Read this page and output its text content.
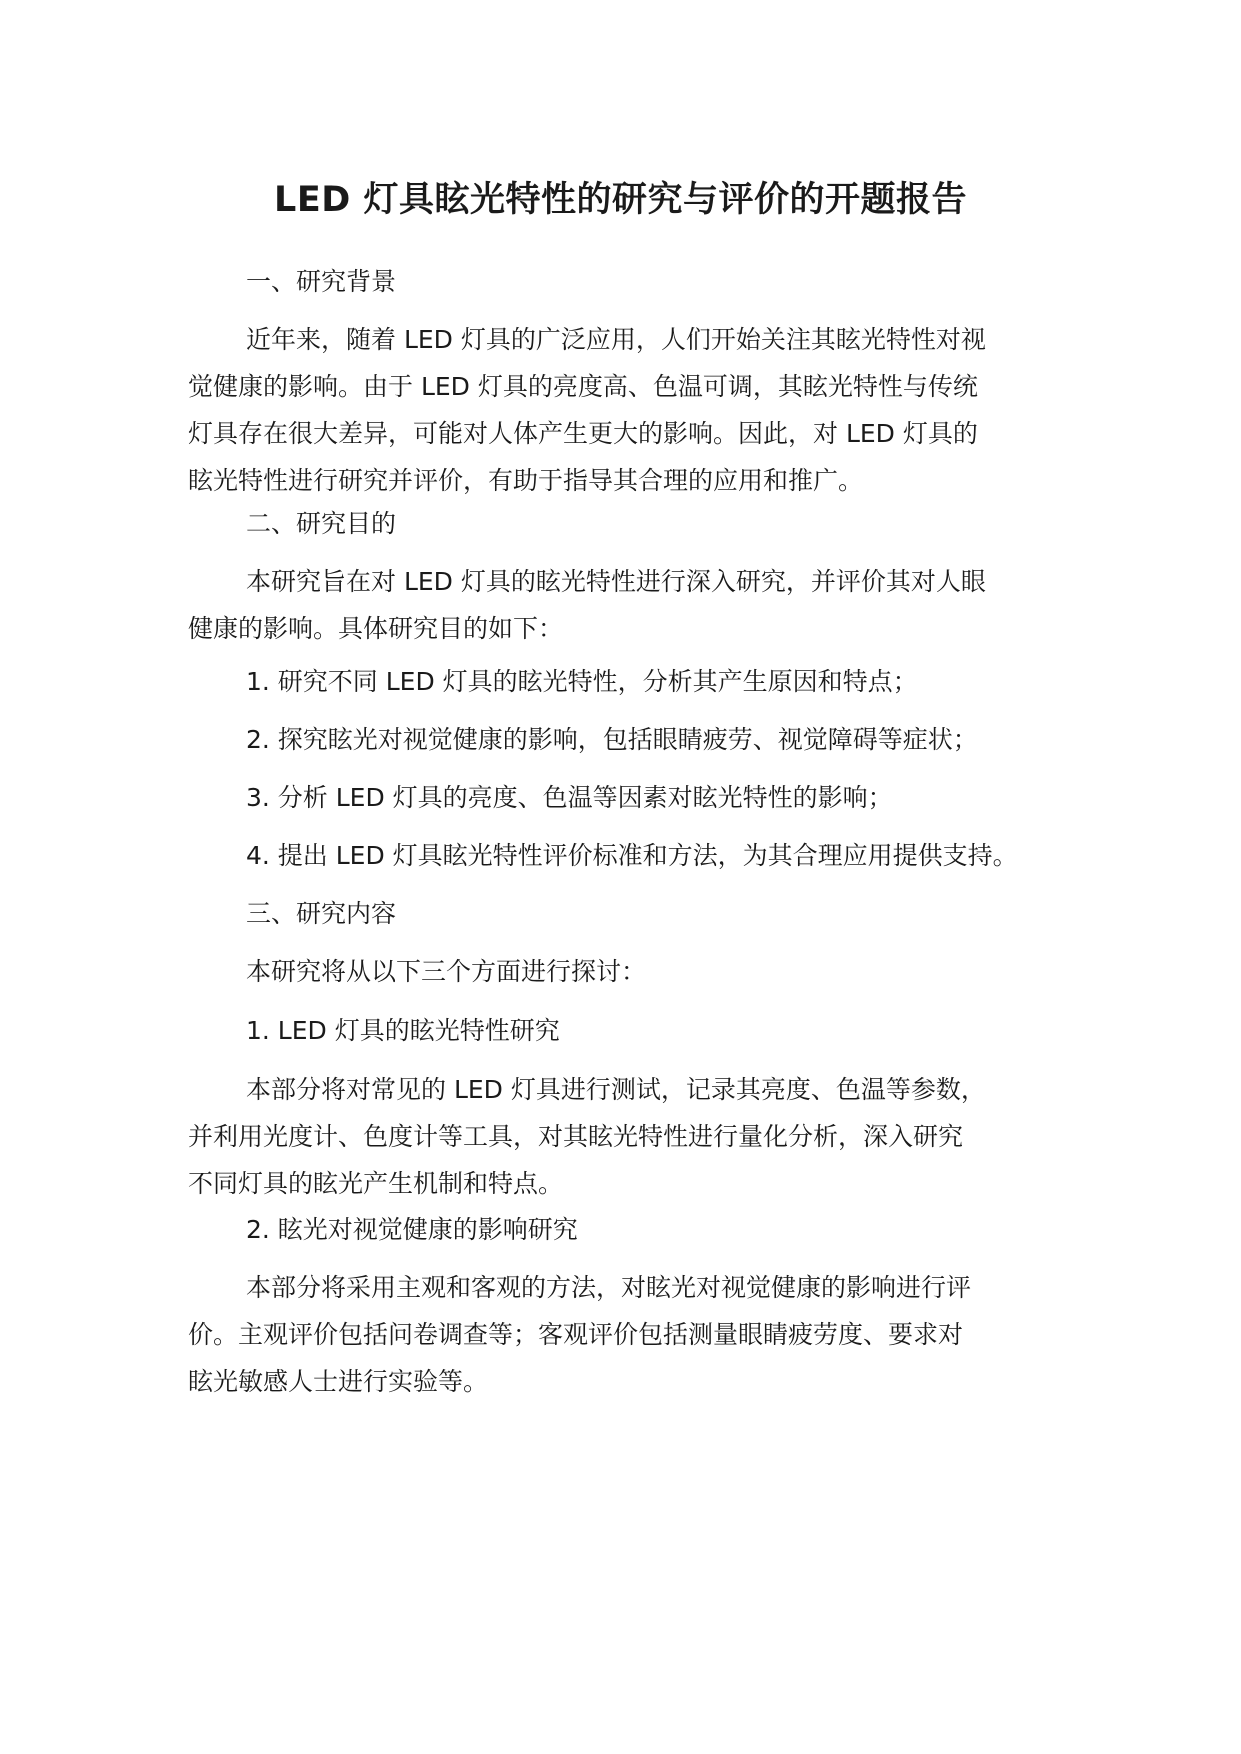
LED 灯具眩光特性的研究与评价的开题报告
一、研究背景
近年来，随着 LED 灯具的广泛应用，人们开始关注其眩光特性对视
觉健康的影响。由于 LED 灯具的亮度高、色温可调，其眩光特性与传统
灯具存在很大差异，可能对人体产生更大的影响。因此，对 LED 灯具的
眩光特性进行研究并评价，有助于指导其合理的应用和推广。
二、研究目的
本研究旨在对 LED 灯具的眩光特性进行深入研究，并评价其对人眼
健康的影响。具体研究目的如下：
1. 研究不同 LED 灯具的眩光特性，分析其产生原因和特点；
2. 探究眩光对视觉健康的影响，包括眼睛疲劳、视觉障碍等症状；
3. 分析 LED 灯具的亮度、色温等因素对眩光特性的影响；
4. 提出 LED 灯具眩光特性评价标准和方法，为其合理应用提供支持。
三、研究内容
本研究将从以下三个方面进行探讨：
1. LED 灯具的眩光特性研究
本部分将对常见的 LED 灯具进行测试，记录其亮度、色温等参数，
并利用光度计、色度计等工具，对其眩光特性进行量化分析，深入研究
不同灯具的眩光产生机制和特点。
2. 眩光对视觉健康的影响研究
本部分将采用主观和客观的方法，对眩光对视觉健康的影响进行评
价。主观评价包括问卷调查等；客观评价包括测量眼睛疲劳度、要求对
眩光敏感人士进行实验等。
